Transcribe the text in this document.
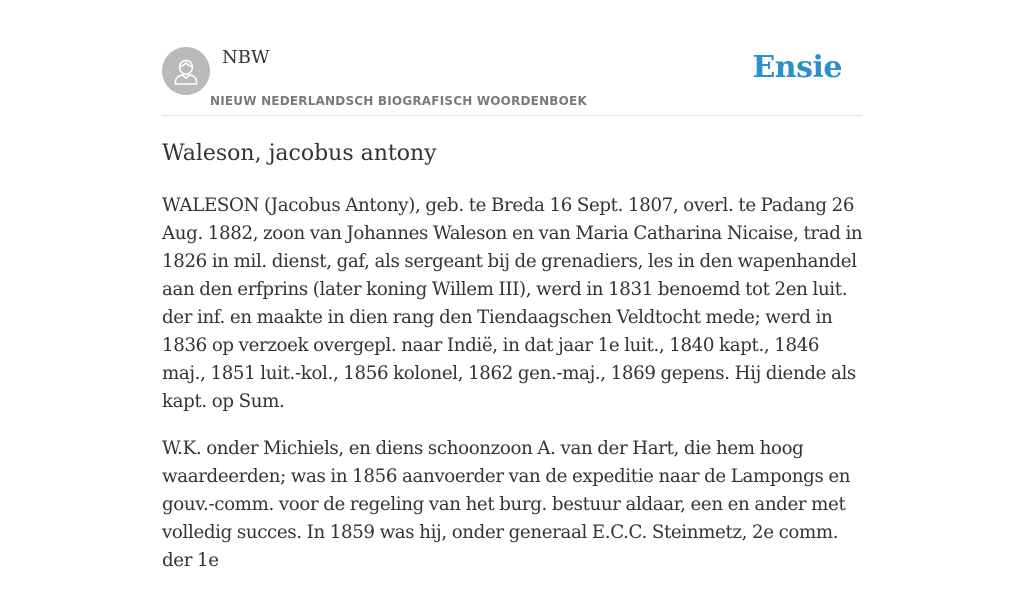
NBW
NIEUW NEDERLANDSCH BIOGRAFISCH WOORDENBOEK
Ensie
Waleson, jacobus antony

WALESON (Jacobus Antony), geb. te Breda 16 Sept. 1807, overl. te Padang 26 Aug. 1882, zoon van Johannes Waleson en van Maria Catharina Nicaise, trad in 1826 in mil. dienst, gaf, als sergeant bij de grenadiers, les in den wapenhandel aan den erfprins (later koning Willem III), werd in 1831 benoemd tot 2en luit. der inf. en maakte in dien rang den Tiendaagschen Veldtocht mede; werd in 1836 op verzoek overgepl. naar Indië, in dat jaar 1e luit., 1840 kapt., 1846 maj., 1851 luit.-kol., 1856 kolonel, 1862 gen.-maj., 1869 gepens. Hij diende als kapt. op Sum.

W.K. onder Michiels, en diens schoonzoon A. van der Hart, die hem hoog waardeerden; was in 1856 aanvoerder van de expeditie naar de Lampongs en gouv.-comm. voor de regeling van het burg. bestuur aldaar, een en ander met volledig succes. In 1859 was hij, onder generaal E.C.C. Steinmetz, 2e comm. der 1e
